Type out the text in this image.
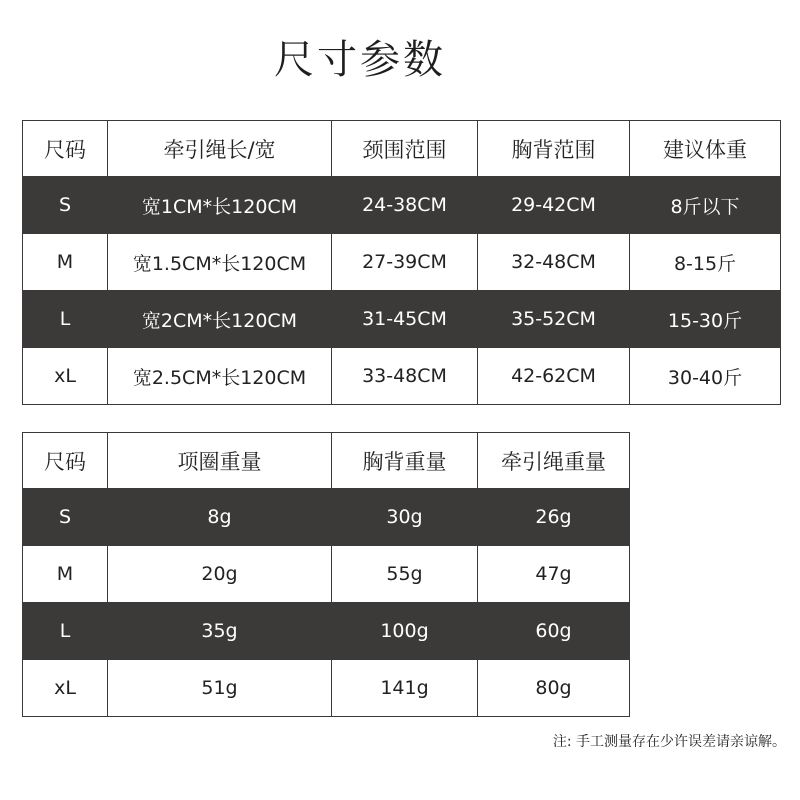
尺寸参数
尺码	牵引绳长/宽	颈围范围	胸背范围	建议体重
S	宽1CM*长120CM	24-38CM	29-42CM	8斤以下
M	宽1.5CM*长120CM	27-39CM	32-48CM	8-15斤
L	宽2CM*长120CM	31-45CM	35-52CM	15-30斤
xL	宽2.5CM*长120CM	33-48CM	42-62CM	30-40斤
尺码	项圈重量	胸背重量	牵引绳重量
S	8g	30g	26g
M	20g	55g	47g
L	35g	100g	60g
xL	51g	141g	80g
注: 手工测量存在少许误差请亲谅解。
